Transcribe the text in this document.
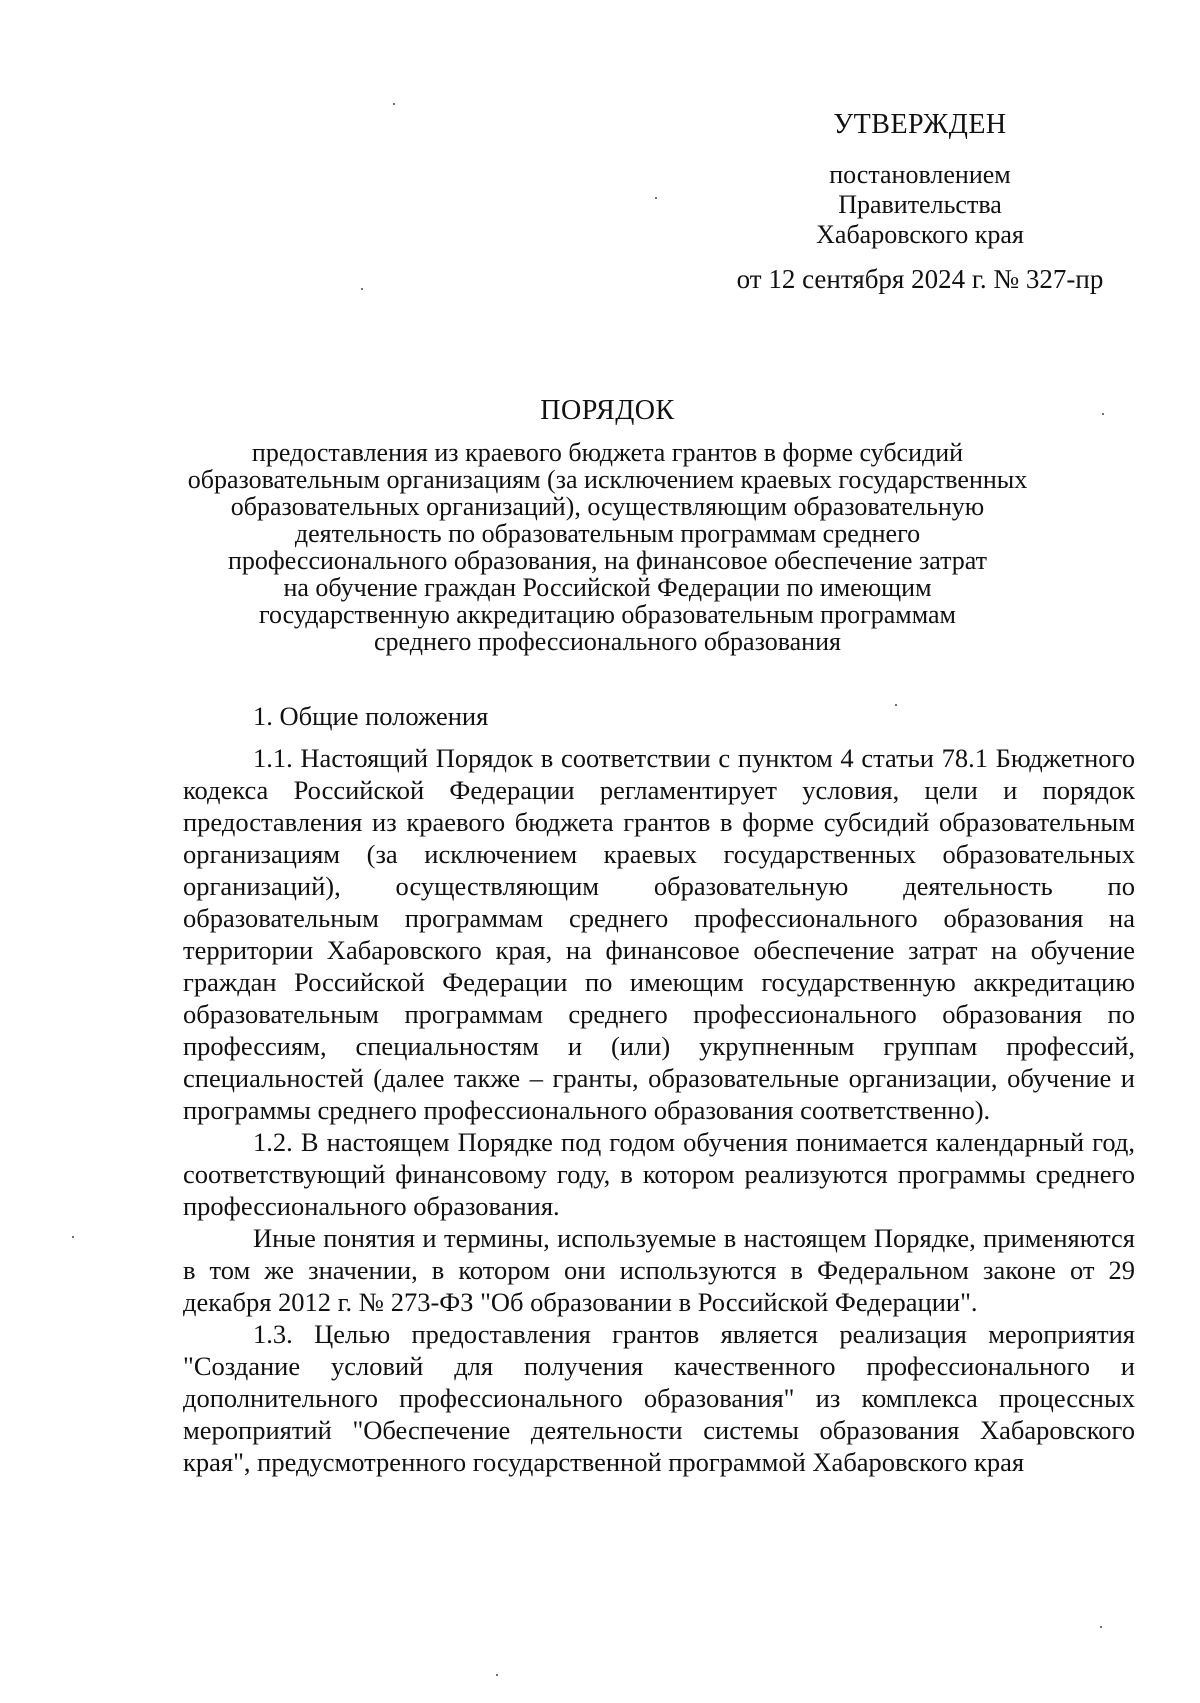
УТВЕРЖДЕН
постановлением
Правительства
Хабаровского края
от 12 сентября 2024 г. № 327-пр
ПОРЯДОК
предоставления из краевого бюджета грантов в форме субсидий
образовательным организациям (за исключением краевых государственных
образовательных организаций), осуществляющим образовательную
деятельность по образовательным программам среднего
профессионального образования, на финансовое обеспечение затрат
на обучение граждан Российской Федерации по имеющим
государственную аккредитацию образовательным программам
среднего профессионального образования
1. Общие положения

1.1. Настоящий Порядок в соответствии с пунктом 4 статьи 78.1 Бюджетного кодекса Российской Федерации регламентирует условия, цели и порядок предоставления из краевого бюджета грантов в форме субсидий образовательным организациям (за исключением краевых государственных образовательных организаций), осуществляющим образовательную деятельность по образовательным программам среднего профессионального образования на территории Хабаровского края, на финансовое обеспечение затрат на обучение граждан Российской Федерации по имеющим государственную аккредитацию образовательным программам среднего профессионального образования по профессиям, специальностям и (или) укрупненным группам профессий, специальностей (далее также – гранты, образовательные организации, обучение и программы среднего профессионального образования соответственно).

1.2. В настоящем Порядке под годом обучения понимается календарный год, соответствующий финансовому году, в котором реализуются программы среднего профессионального образования.

Иные понятия и термины, используемые в настоящем Порядке, применяются в том же значении, в котором они используются в Федеральном законе от 29 декабря 2012 г. № 273-ФЗ "Об образовании в Российской Федерации".

1.3. Целью предоставления грантов является реализация мероприятия "Создание условий для получения качественного профессионального и дополнительного профессионального образования" из комплекса процессных мероприятий "Обеспечение деятельности системы образования Хабаровского края", предусмотренного государственной программой Хабаровского края
